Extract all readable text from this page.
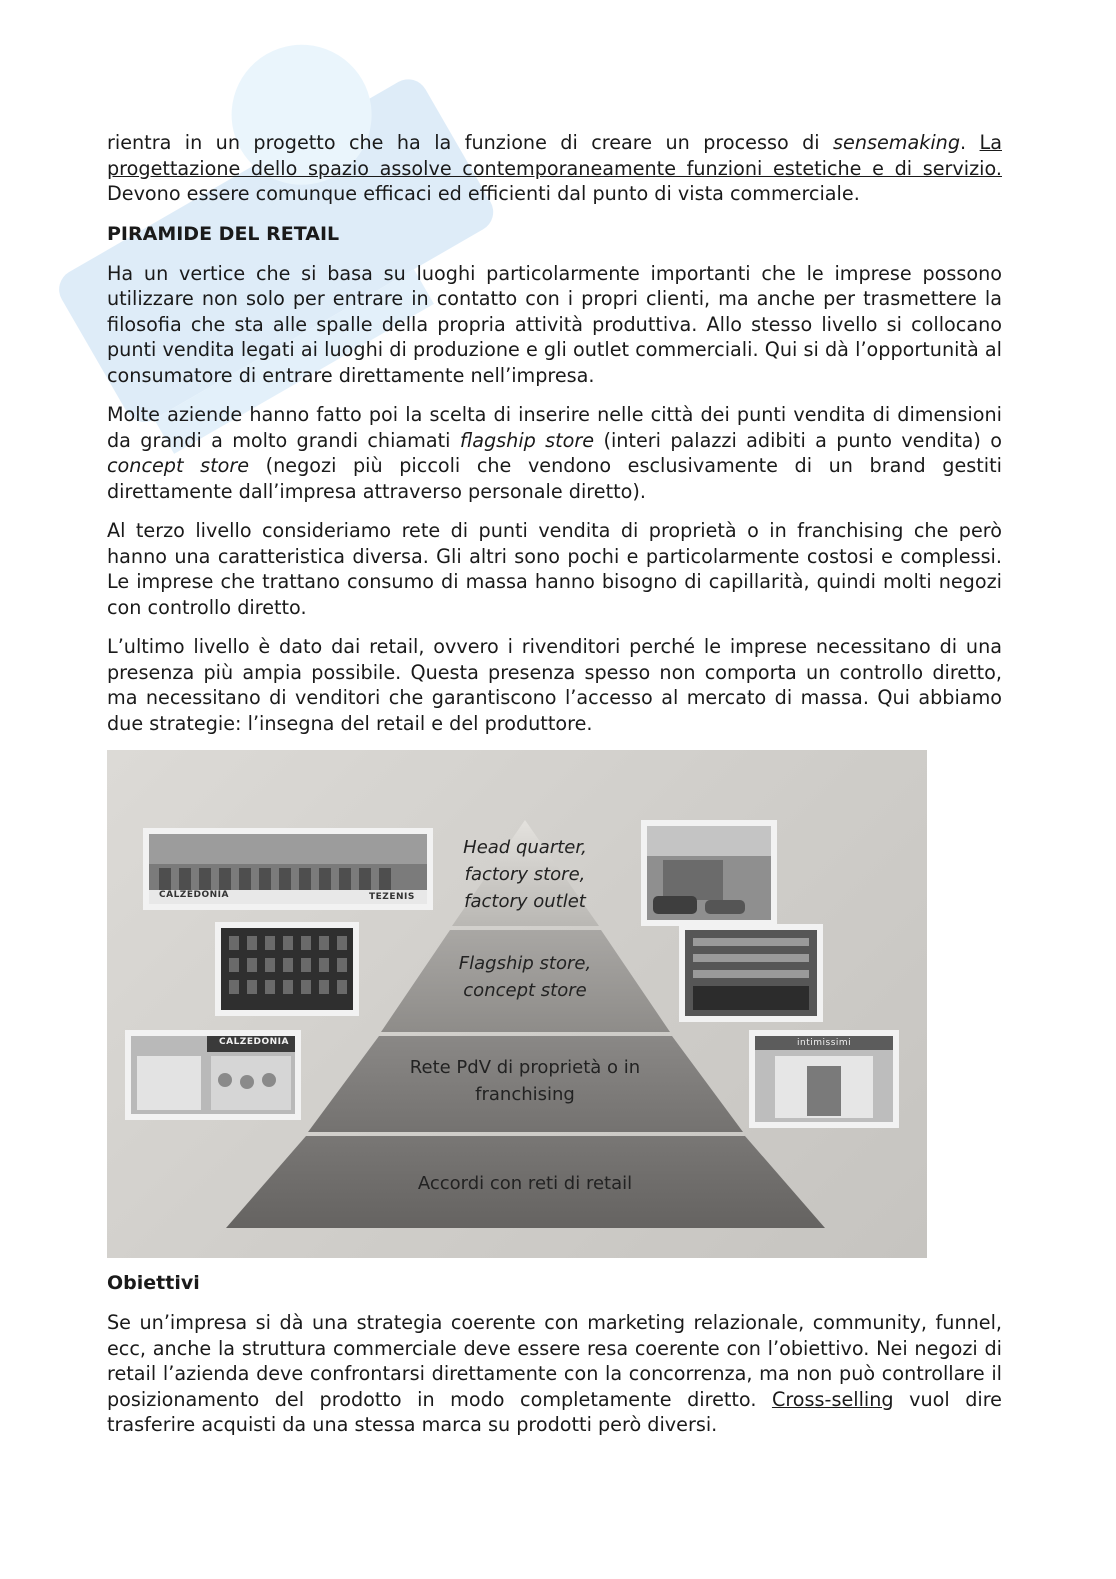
rientra in un progetto che ha la funzione di creare un processo di sensemaking. La progettazione dello spazio assolve contemporaneamente funzioni estetiche e di servizio. Devono essere comunque efficaci ed efficienti dal punto di vista commerciale.

PIRAMIDE DEL RETAIL

Ha un vertice che si basa su luoghi particolarmente importanti che le imprese possono utilizzare non solo per entrare in contatto con i propri clienti, ma anche per trasmettere la filosofia che sta alle spalle della propria attività produttiva. Allo stesso livello si collocano punti vendita legati ai luoghi di produzione e gli outlet commerciali. Qui si dà l’opportunità al consumatore di entrare direttamente nell’impresa.

Molte aziende hanno fatto poi la scelta di inserire nelle città dei punti vendita di dimensioni da grandi a molto grandi chiamati flagship store (interi palazzi adibiti a punto vendita) o concept store (negozi più piccoli che vendono esclusivamente di un brand gestiti direttamente dall’impresa attraverso personale diretto).

Al terzo livello consideriamo rete di punti vendita di proprietà o in franchising che però hanno una caratteristica diversa. Gli altri sono pochi e particolarmente costosi e complessi. Le imprese che trattano consumo di massa hanno bisogno di capillarità, quindi molti negozi con controllo diretto.

L’ultimo livello è dato dai retail, ovvero i rivenditori perché le imprese necessitano di una presenza più ampia possibile. Questa presenza spesso non comporta un controllo diretto, ma necessitano di venditori che garantiscono l’accesso al mercato di massa. Qui abbiamo due strategie: l’insegna del retail e del produttore.

CALZEDONIA	TEZENIS
CALZEDONIA	intimissimi
Head quarter,
factory store,
factory outlet
Flagship store,
concept store
Rete PdV di proprietà o in
franchising
Accordi con reti di retail
Obiettivi

Se un’impresa si dà una strategia coerente con marketing relazionale, community, funnel, ecc, anche la struttura commerciale deve essere resa coerente con l’obiettivo. Nei negozi di retail l’azienda deve confrontarsi direttamente con la concorrenza, ma non può controllare il posizionamento del prodotto in modo completamente diretto. Cross-selling vuol dire trasferire acquisti da una stessa marca su prodotti però diversi.
